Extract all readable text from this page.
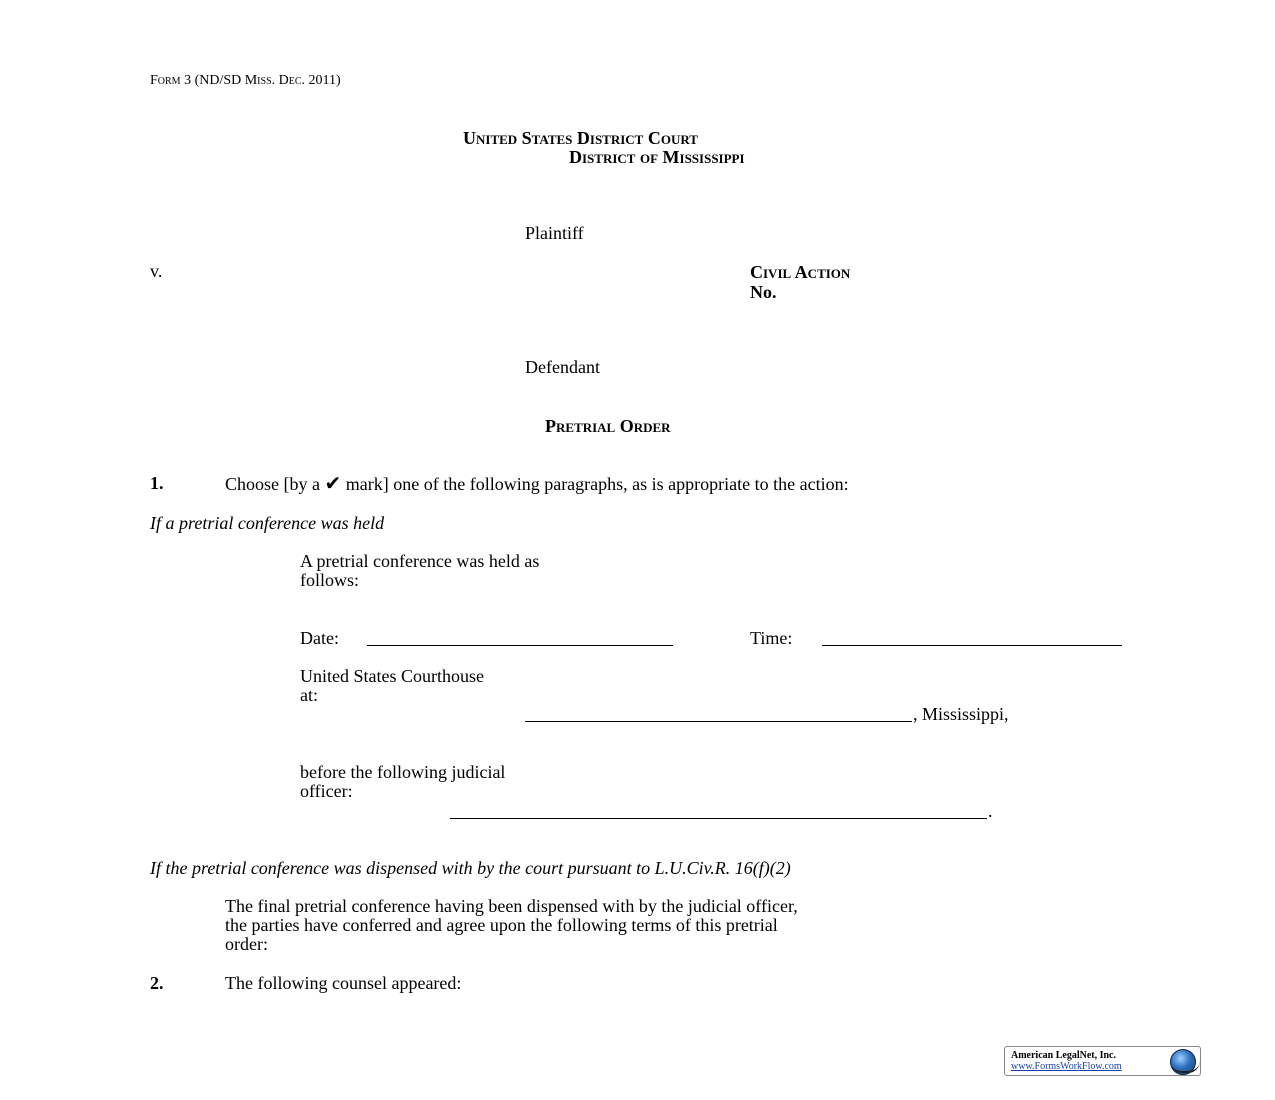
Form 3 (ND/SD Miss. Dec. 2011)
United States District Court
District of Mississippi
Plaintiff
v.	Civil Action
No.
Defendant
Pretrial Order
1.	Choose [by a ✔ mark] one of the following paragraphs, as is appropriate to the action:
If a pretrial conference was held
A pretrial conference was held as
follows:
Date:	Time:
United States Courthouse
at:
, Mississippi,
before the following judicial
officer:
.
If the pretrial conference was dispensed with by the court pursuant to L.U.Civ.R. 16(f)(2)
The final pretrial conference having been dispensed with by the judicial officer,
the parties have conferred and agree upon the following terms of this pretrial
order:
2.	The following counsel appeared:
American LegalNet, Inc.
www.FormsWorkFlow.com
